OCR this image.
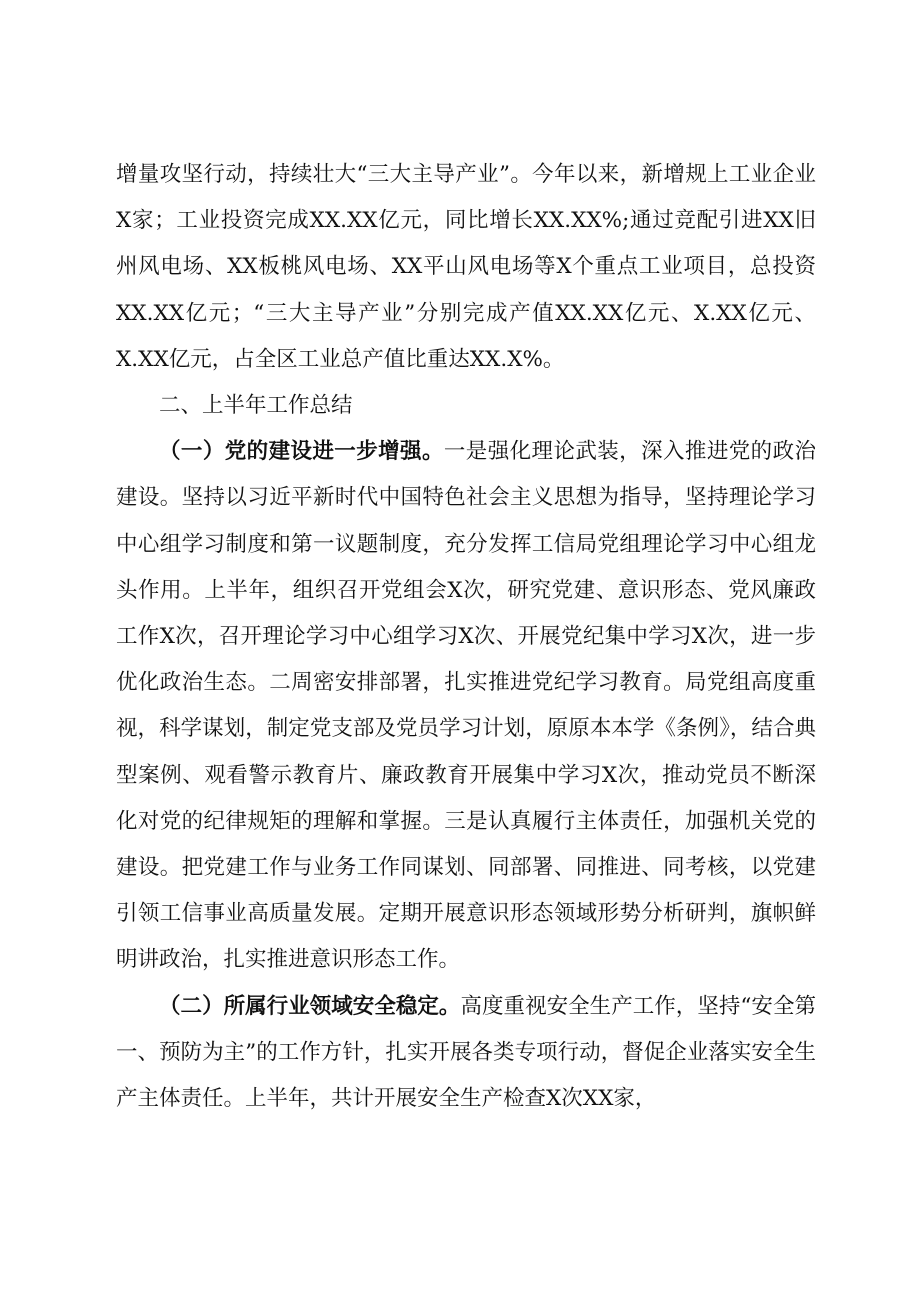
增量攻坚行动，持续壮大“三大主导产业”。今年以来，新增规上工业企业X家；工业投资完成XX.XX亿元，同比增长XX.XX%;通过竞配引进XX旧州风电场、XX板桃风电场、XX平山风电场等X个重点工业项目，总投资XX.XX亿元；“三大主导产业”分别完成产值XX.XX亿元、X.XX亿元、X.XX亿元，占全区工业总产值比重达XX.X%。

二、上半年工作总结

（一）党的建设进一步增强。一是强化理论武装，深入推进党的政治建设。坚持以习近平新时代中国特色社会主义思想为指导，坚持理论学习中心组学习制度和第一议题制度，充分发挥工信局党组理论学习中心组龙头作用。上半年，组织召开党组会X次，研究党建、意识形态、党风廉政工作X次，召开理论学习中心组学习X次、开展党纪集中学习X次，进一步优化政治生态。二周密安排部署，扎实推进党纪学习教育。局党组高度重视，科学谋划，制定党支部及党员学习计划，原原本本学《条例》，结合典型案例、观看警示教育片、廉政教育开展集中学习X次，推动党员不断深化对党的纪律规矩的理解和掌握。三是认真履行主体责任，加强机关党的建设。把党建工作与业务工作同谋划、同部署、同推进、同考核，以党建引领工信事业高质量发展。定期开展意识形态领域形势分析研判，旗帜鲜明讲政治，扎实推进意识形态工作。

（二）所属行业领域安全稳定。高度重视安全生产工作，坚持“安全第一、预防为主”的工作方针，扎实开展各类专项行动，督促企业落实安全生产主体责任。上半年，共计开展安全生产检查X次XX家，
